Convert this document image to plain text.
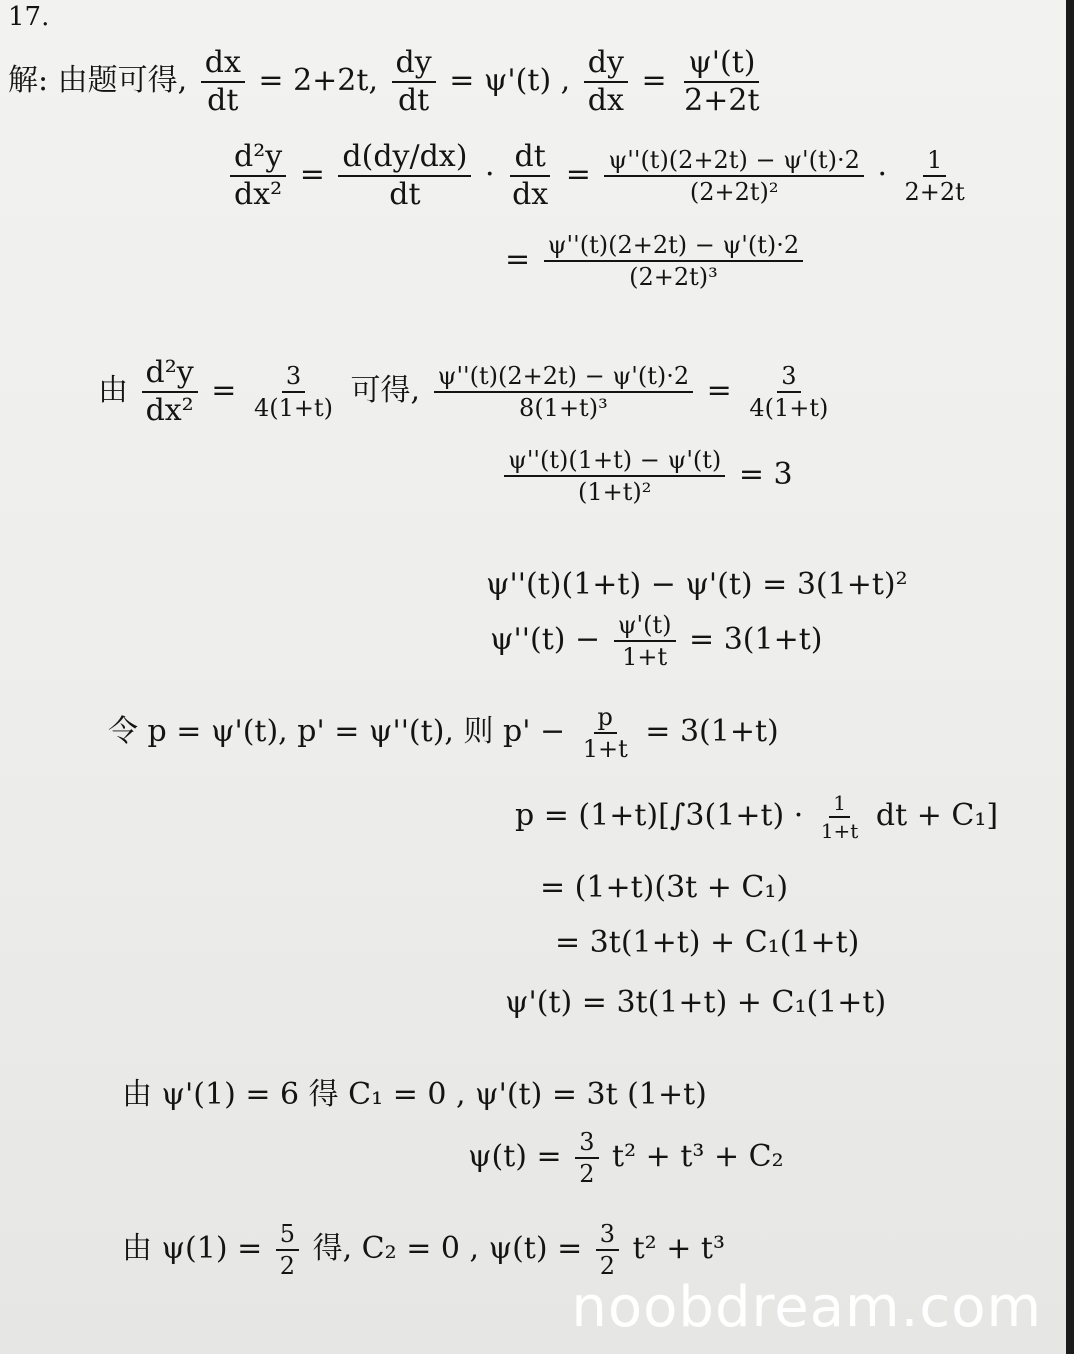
17.
解: 由题可得, $\frac{dx}{dt} = 2+2t$, $\frac{dy}{dt} = \psi'(t)$ , $\frac{dy}{dx} = \frac{\psi'(t)}{2+2t}$
$\frac{\text{d²y}}{\text{dx²}} = \frac{d(dy/dx)}{dt} \cdot \frac{dt}{dx} = \frac{\psi''(t)(2+2t) - \psi'(t)\cdot 2}{\text{(2+2t)²}} \cdot \frac{1}{2+2t}$
= $\frac{\psi''(t)(2+2t) - \psi'(t)\cdot 2}{\text{(2+2t)³}}$
由 $\frac{\text{d²y}}{\text{dx²}} = \frac{3}{4(1+t)}$ 可得, $\frac{\psi''(t)(2+2t) - \psi'(t)\cdot 2}{\text{8(1+t)³}} = \frac{3}{4(1+t)}$
$\frac{\psi''(t)(1+t) - \psi'(t)}{\text{(1+t)²}} = 3$
ψ''(t)(1+t) − ψ'(t) = 3(1+t)²
$\psi''(t) - \frac{\psi'(t)}{1+t} = 3(1+t)$
令 p = ψ'(t), p' = ψ''(t), 则 $p' - \frac{p}{1+t} = 3(1+t)$
$p = (1+t)[\int 3(1+t) \cdot \frac{1}{1+t}$ dt + C₁]
= (1+t)(3t + C₁)
= 3t(1+t) + C₁(1+t)
ψ'(t) = 3t(1+t) + C₁(1+t)
由 ψ'(1) = 6 得 C₁ = 0 , ψ'(t) = 3t (1+t)
$\psi(t) = \frac{3}{2} t^2 + t^3 + C_2$
由 $\psi(1) = \frac{5}{2}$ 得, C₂ = 0 , $\psi(t) = \frac{3}{2} t^2 + t^3$
noobdream.com
